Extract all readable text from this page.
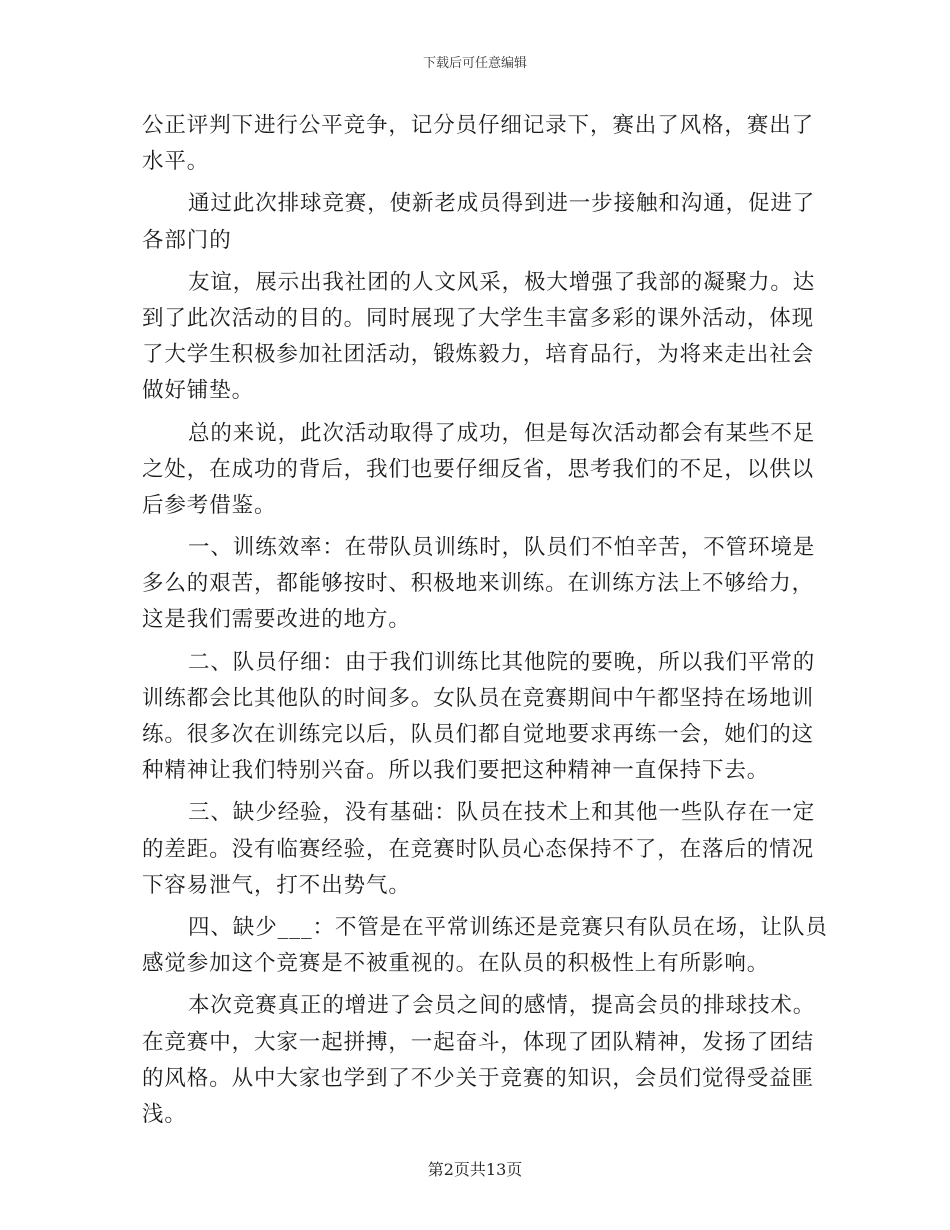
下载后可任意编辑
公正评判下进行公平竞争，记分员仔细记录下，赛出了风格，赛出了
水平。
通过此次排球竞赛，使新老成员得到进一步接触和沟通，促进了
各部门的
友谊，展示出我社团的人文风采，极大增强了我部的凝聚力。达
到了此次活动的目的。同时展现了大学生丰富多彩的课外活动，体现
了大学生积极参加社团活动，锻炼毅力，培育品行，为将来走出社会
做好铺垫。
总的来说，此次活动取得了成功，但是每次活动都会有某些不足
之处，在成功的背后，我们也要仔细反省，思考我们的不足，以供以
后参考借鉴。
一、训练效率：在带队员训练时，队员们不怕辛苦，不管环境是
多么的艰苦，都能够按时、积极地来训练。在训练方法上不够给力，
这是我们需要改进的地方。
二、队员仔细：由于我们训练比其他院的要晚，所以我们平常的
训练都会比其他队的时间多。女队员在竞赛期间中午都坚持在场地训
练。很多次在训练完以后，队员们都自觉地要求再练一会，她们的这
种精神让我们特别兴奋。所以我们要把这种精神一直保持下去。
三、缺少经验，没有基础：队员在技术上和其他一些队存在一定
的差距。没有临赛经验，在竞赛时队员心态保持不了，在落后的情况
下容易泄气，打不出势气。
四、缺少___：不管是在平常训练还是竞赛只有队员在场，让队员
感觉参加这个竞赛是不被重视的。在队员的积极性上有所影响。
本次竞赛真正的增进了会员之间的感情，提高会员的排球技术。
在竞赛中，大家一起拼搏，一起奋斗，体现了团队精神，发扬了团结
的风格。从中大家也学到了不少关于竞赛的知识，会员们觉得受益匪
浅。
第2页共13页
